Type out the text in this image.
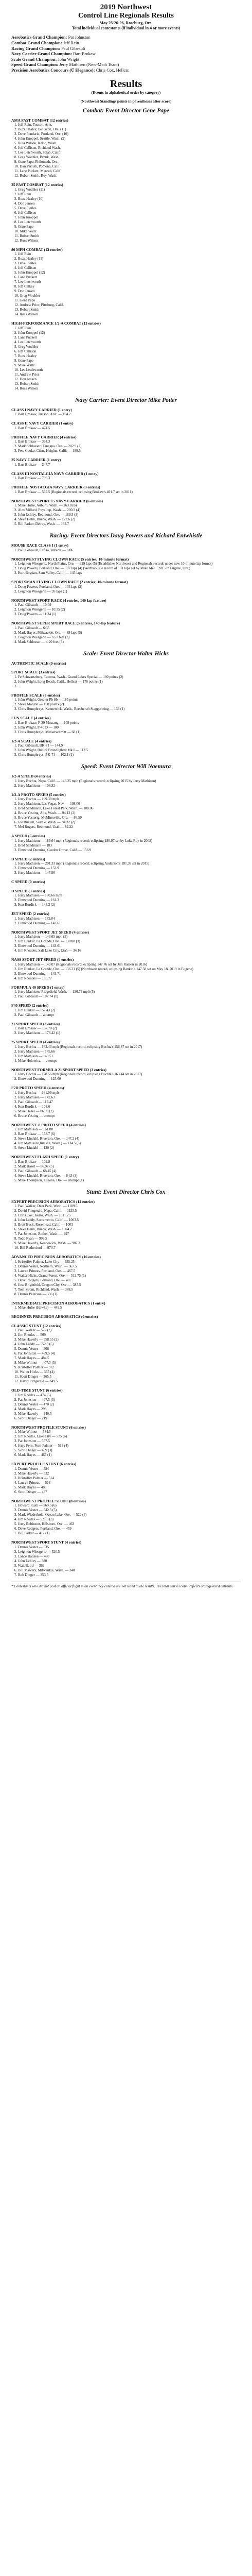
2019 Northwest

Control Line Regionals Results

May 25-26-26, Roseburg, Ore.

Total individual contestants (if individual in 4 or more events)

Aerobatics Grand Champion: Pat Johnston
Combat Grand Champion: Jeff Rein
Racing Grand Champion: Paul Gibeault
Navy Carrier Grand Champion: Bart Brokaw
Scale Grand Champion: John Wright
Speed Grand Champion: Jerry Mathisen (New-Math Team)
Precision Aerobatics Concours (Ü Elegance): Chris Cox, Hellcat

Results

(Events in alphabetical order by category)
(Northwest Standings points in parentheses after score)
Combat: Event Director Gene Pape
AMA FAST COMBAT (12 entries)
1. Jeff Rein, Tucson, Ariz.
2. Buzz Healey, Pentacon, Ore. (11)
3. Dave Pondaric, Portland, Ore. (10)
4. John Knoppel, Seattle, Wash. (9)
5. Russ Wilson, Kelso, Wash.
6. Jeff Callison, Richland Wash.
7. Lee Letchworth, Selah, Calif.
8. Greg Wochler, Brbnk, Wash.
9. Gene Pape, Philomath, Ore.
10. Dan Parrish, Pomona, Calif.
11. Lane Puckett, Merced, Calif.
12. Robert Smith, Boy, Wash.
25 FAST COMBAT (12 entries)
1. Greg Wochler (11)
2. Jeff Rein
3. Buzz Healey (10)
4. Don Jensen
5. Dave Pierles
6. Jeff Callison
7. John Knoppel
8. Lee Letchworth
9. Gene Pape
10. Mike Waltz
11. Robert Smith
12. Russ Wilson
80 MPH COMBAT (12 entries)
1. Jeff Rein
2. Buzz Healey (11)
3. Dave Pierles
4. Jeff Callison
5. John Knoppel (12)
6. Lane Puckett
7. Lee Letchworth
8. Jeff Calkey
9. Don Jensen
10. Greg Wochler
11. Gene Pape
12. Andrew Prior, Pittsburg, Calif.
13. Robert Smith
14. Russ Wilson
HIGH-PERFORMANCE 1/2-A COMBAT (13 entries)
1. Jeff Rein
2. John Knoppel (12)
3. Lane Puckett
4. Lee Letchworth
5. Greg Wochler
6. Jeff Callison
7. Buzz Healey
8. Gene Pape
9. Mike Waltz
10. Lee Letchworth
11. Andrew Prior
12. Don Jensen
13. Robert Smith
14. Russ Wilson
Navy Carrier: Event Director Mike Potter
CLASS I NAVY CARRIER (1 entry)
1. Bart Brokaw, Tucson, Ariz. — 194.2
CLASS II NAVY CARRIER (1 entry)
1. Bart Brokaw — 474.5
PROFILE NAVY CARRIER (4 entries)
1. Bart Brokaw — 334.3
2. Mark Schlosser (Tanagua, Ore. — 202.9 (2)
3. Pete Cooke, Citrus Heights, Calif. — 189.5
25 NAVY CARRIER (1 entry)
1. Bart Brokaw — 247.7
CLASS III NOSTALGIA NAVY CARRIER (1 entry)
1. Bart Brokaw — 796.3
PROFILE NOSTALGIA NAVY CARRIER (3 entries)
1. Bart Brokaw — 567.5 (Regionals record; eclipsing Brokaw's 491.7 set in 2011)
NORTHWEST SPORT 15 NAVY CARRIER (6 entries)
1. Mike Hulse, Auburn, Wash. — 263.0 (6)
2. Alex Millard, Puyallup, Wash. — 200.3 (4)
3. John Uchley, Redmond, Ore. — 189.5 (3)
4. Steve Helm, Buena, Wash. — 172.6 (2)
5. Bill Parker, Delray, Wash. — 132.7
Racing: Event Directors Doug Powers and Richard Entwhistle
MOUSE RACE CLASS I (1 entry)
1. Paul Gibeault, Enfiso, Alberta — 6:06
NORTHWEST FLYING CLOWN RACE (5 entries; 10-minute format)
1. Leighton Wiesgerle, North Plains, Ore. — 229 laps (5) (Establishes Northwest and Regionals records under new 10-minute lap format)
2. Doug Powers, Portland, Ore. — 187 laps (4) (Wertrack sue record of 181 laps set by Mike Mel... 2015 in Eugene, Ore.)
3. Kurt Bogdan, Sant Valley, Calif. — 145 laps
SPORTSMAN FLYING CLOWN RACE (2 entries; 10-minute format)
1. Doug Powers, Portland, Ore. — 103 laps (2)
2. Leighton Wiesgerle — 95 laps (1)
NORTHWEST SPORT RACE (4 entries, 140-lap feature)
1. Paul Gibeault — 10:09
2. Leighton Wiesgerle — 10:35 (2)
3. Doug Powers — 11:34 (1)
NORTHWEST SUPER SPORT RACE (5 entries, 140-lap feature)
1. Paul Gibeault — 6:35
2. Mark Hayes, Milwaukie, Ore. — 89 laps (5)
3. Leighton Wiesgerle — 6:57 feet (3)
4. Mark Schlosser — 4:20 feet (3)
Scale: Event Director Walter Hicks
AUTHENTIC SCALE (0 entries)
SPORT SCALE (3 entries)
1. Fe Schwartzberg, Tacoma, Wash., Grand Lakes Special — 190 points (2)
2. John Wright, Long Beach, Calif., Hellcat — 176 points (1)
3. ...
PROFILE SCALE (3 entries)
1. John Wright, Greater Pb Sb — 185 points
2. Steve Monton — 168 points (2)
3. Chris Humphreys, Kennewick, Wash., Beechcraft Staggerwing — 136 (1)
FUN SCALE (4 entries)
1. Bart Brokaw, P-39 Mustang — 109 points
2. John Wright, P-40 D — 100
3. Chris Humphreys, Messerschmitt — 68 (1)
1/2-A SCALE (4 entries)
1. Paul Gibeault, BK-71 — 144.9
2. John Wright, Bristol Brondlighter Mk.I — 112.5
3. Chris Humphreys, BK-71 — 102.1 (1)
Speed: Event Director Will Naemura
1/2-A SPEED (4 entries)
1. Jerry Buchta, Napa, Calif. — 146.25 mph (Regionals record; eclipsing 2015 by Jerry Mathison)
2. Jerry Mathison — 106.82
1/2-A PROTO SPEED (5 entries)
1. Jerry Buchta — 109.38 mph
2. Jerry Mathison, Las Vegas, Nev. — 108.06
3. Brad Sandmann, Lake Forest Park, Wash. — 108.06
4. Bruce Yosting, Alta, Wash. — 94.12 (2)
5. Bruce Yosterig, McMinnville, Ore. — 86.59
6. Joe Russell, Seattle, Wash. — 84.32 (2)
7. Mel Rogers, Redmond, Utah — 82.22
A SPEED (5 entries)
1. Jerry Mathison — 189.64 mph (Regionals record; eclipsing 180.97 set by Luke Roy in 2008)
2. Brad Sandmann — 183
3. Elmwood Dunning, Garden Grove, Calif. — 156.9
D SPEED (2 entries)
1. Jerry Mathison — 201.33 mph (Regionals record; eclipsing Anderson's 181.39 set in 2015)
2. Elmwood Dunning — 153.9
3. Jerry Mathison — 147.90
C SPEED (0 entries)
D SPEED (3 entries)
1. Jerry Mathisen — 180.66 mph
2. Elmwood Dunning — 161.3
3. Ken Burdick — 143.3 (2)
JET SPEED (2 entries)
1. Jerry Mathisen — 179.04
2. Elmwood Dunning — 143.61
NORTHWEST SPORT JET SPEED (4 entries)
1. Jerry Mathison — 143.65 mph (5)
2. Jim Bunker, La Grande, Ore. — 138.88 (3)
3. Elmwood Dunning — 143.01
4. Jim Rhoades, Salt Lake City, Utah — 34.16
NASS SPORT JET SPEED (4 entries)
1. Jerry Mathison — 149.07 (Regionals record, eclipsing 147.76 set by Jim Rankin in 2016)
2. Jim Bunker, La Grande, Ore. — 136.21 (5) (Northwest record, eclipsing Rankin's 147.58 set on May 18, 2019 in Eugene)
3. Elmwood Dunning — 143.71
4. Jim Rhoades — 135.77
FORMULA 40 SPEED (1 entry)
1. Jerry Mathisen, Ridgefield, Wash. — 136.73 mph (5)
2. Paul Gibeault — 107.74 (1)
F40 SPEED (2 entries)
1. Jim Bunker — 157.43 (2)
2. Paul Gibeault — attempt
21 SPORT SPEED (3 entries)
1. Bart Brokaw — 187.70 (2)
2. Jerry Mathison — 176.42 (1)
25 SPORT SPEED (4 entries)
1. Jerry Buchta — 163.43 mph (Regionals record, eclipsing Buchta's 156.87 set in 2017)
2. Jerry Mathisen — 145.66
3. Jim Mathison — 143.51
4. Mike Holowicz — attempt
NORTHWEST FORMULA 21 SPORT SPEED (3 entries)
1. Jerry Buchta — 178.56 mph (Regionals record, eclipsing Buchta's 163.44 set in 2017)
2. Elmwood Dunning — 125.00
F2D PROTO SPEED (4 entries)
1. Jerry Buchta — 161.09 mph
2. Jerry Mathisen — 142.63
3. Paul Gibeault — 117.47
4. Ken Burdick — 108.6
5. Mike Hazel — 86.96 (2)
6. Bruce Yosting — attempt
NORTHWEST .8 PROTO SPEED (4 entries)
1. Jim Mathison — 161.88
2. Bart Brokaw — 153.7 (6)
3. Steve Lindahl, Riverton, Ore. — 147.2 (4)
4. Jim Mathison (Russell, Wash.) — 134.5 (3)
5. Steve Lindahl — 130 (2)
NORTHWEST FLASH SPEED (1 entry)
1. Bart Brokaw — 102.8
2. Mark Hazel — 86.97 (5)
3. Paul Gibeault — 68.45 (4)
4. Steve Lindahl, Riverton, Ore. — 64.5 (3)
5. Mike Thompson, Eugene, Ore. — attempt (1)
Stunt: Event Director Chris Cox
EXPERT PRECISION AEROBATICS (14 entries)
1. Paul Walker, Deer Park, Wash. — 1109.5
2. David Fitzgerald, Napa, Calif. — 1125.5
3. Chris Cox, Kelso, Wash. — 1011.25
4. John Leddy, Sacramento, Calif. — 1003.5
5. Brett Buck, Rosemead, Calif. — 1003
6. Steve Helm, Buena, Wash. — 1004.2
7. Pat Johnston, Bothel, Wash. — 997
8. Todd Ryan — 999.5
9. Mike Haverly, Kennewick, Wash. — 987.3
10. Bill Rutherford — 970.7
ADVANCED PRECISION AEROBATICS (16 entries)
1. Kristoffer Palmer, Lake City — 555.25
2. Dennis Vester, Northern, Wash. — 567.5
3. Lauren Prineas, Portland, Ore. — 467.5
4. Walter Hicks, Grand Forest, Ore. — 512.75 (1)
5. Dave Rodgers, Portland, Ore. — 407
6. Jose Brightfeld, Oregon City, Ore. — 387.5
7. Tom Strom, Richland, Wash. — 388.5
8. Dennis Peterson — 356 (1)
INTERMEDIATE PRECISION AEROBATICS (1 entry)
1. Mike Hulse (Hawke) — 449.5
BEGINNER PRECISION AEROBATICS (0 entries)
CLASSIC STUNT (12 entries)
1. Paul Walker — 577 (2)
2. Jim Rhodes — 569
3. Mike Haverly — 558.55 (2)
4. John Leddy — 552.5 (5)
5. Dennis Vester — 506
6. Pat Johnston — 489.5 (4)
7. Mark Hayes — 484.5
8. Mike Wilmot — 407.5 (5)
9. Kristoffer Palmer — 372
10. Walter Hicks — 365 (4)
11. Scott Dinger — 365.5
12. David Fitzgerald — 349.5
OLD-TIME STUNT (6 entries)
1. Jim Rhodes — 474 (5)
2. Pat Johnston — 407.5 (3)
3. Dennis Vester — 470 (2)
4. Mark Hayes — 298
5. Mike Haverly — 240.5
6. Scott Dinger — 219
NORTHWEST PROFILE STUNT (6 entries)
1. Mike Wilmot — 584.5
2. Jim Rhodes, Lake City — 575 (6)
3. Pat Johnston — 557.5
4. Jerry Fern, Fern-Palmer — 513 (4)
5. Scott Dinger — 469 (3)
6. Mark Hayes — 465 (1)
EXPERT PROFILE STUNT (6 entries)
1. Dennis Vester — 584
2. Mike Haverly — 532
3. Kristoffer Palmer — 514
4. Lauren Prineas — 513
5. Mark Hayes — 480
6. Scott Dinger — 437
NORTHWEST PROFILE STUNT (8 entries)
1. Howard Rush — 569.5 (6)
2. Dennis Vester — 542.5 (5)
3. Mark Wiederhold, Ocean Lake, Ore. — 522 (4)
4. Jim Rhodes — 521.5 (3)
5. Jerry Robinson, Hillsboro, Ore. — 463
6. Dave Rodgers, Portland, Ore. — 459
7. Bill Parker — 412 (1)
NORTHWEST SPORT STUNT (4 entries)
1. Dennis Vester — 535
2. Leighton Wiesgerle — 520.5
3. Lance Hansen — 480
4. John Uchley — 380
5. Walt Baird — 369
6. Bill Mawery, Milwaukie, Wash. — 340
7. Bob Dinger — 353.5
* Contestants who did not post an official flight in an event they entered are not listed in the results. The total entries count reflects all registered entrants.
